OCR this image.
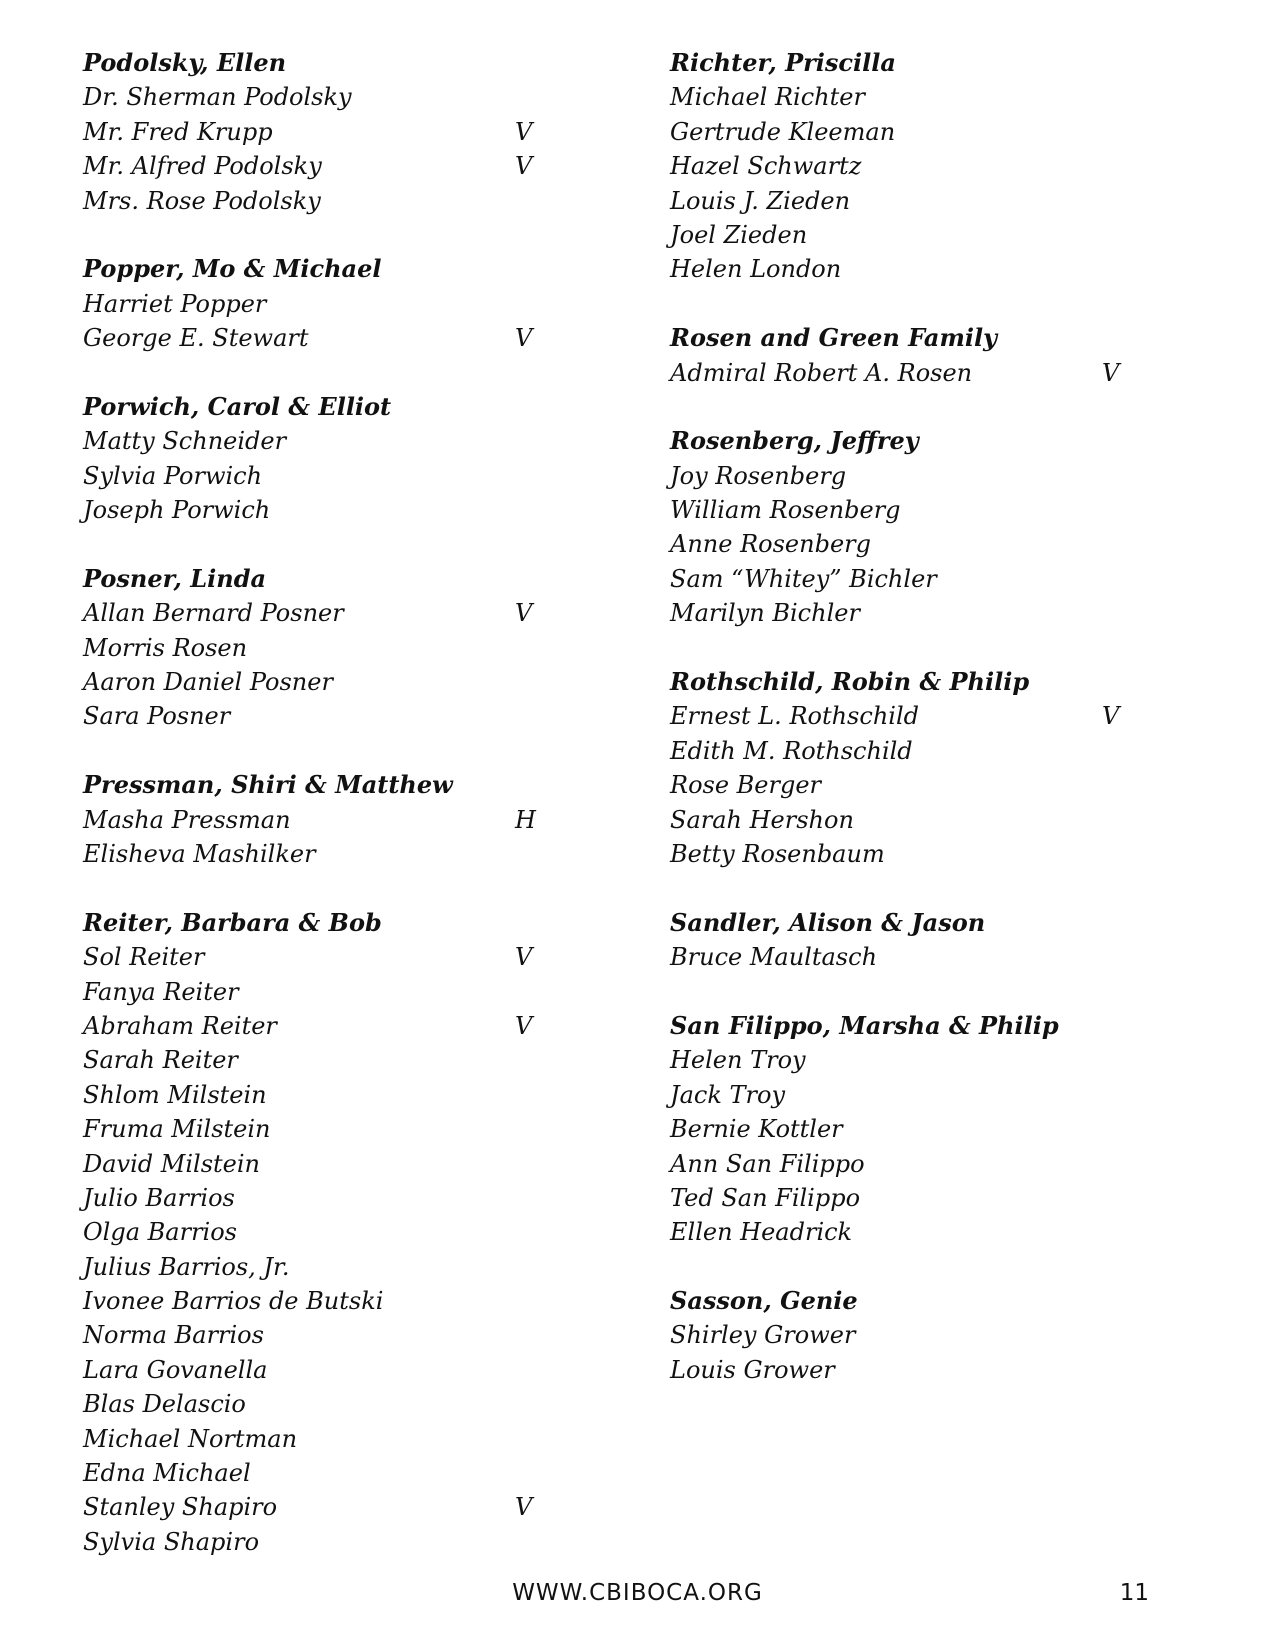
Podolsky, Ellen
Dr. Sherman Podolsky
Mr. Fred Krupp	V
Mr. Alfred Podolsky	V
Mrs. Rose Podolsky
Popper, Mo & Michael
Harriet Popper
George E. Stewart	V
Porwich, Carol & Elliot
Matty Schneider
Sylvia Porwich
Joseph Porwich
Posner, Linda
Allan Bernard Posner	V
Morris Rosen
Aaron Daniel Posner
Sara Posner
Pressman, Shiri & Matthew
Masha Pressman	H
Elisheva Mashilker
Reiter, Barbara & Bob
Sol Reiter	V
Fanya Reiter
Abraham Reiter	V
Sarah Reiter
Shlom Milstein
Fruma Milstein
David Milstein
Julio Barrios
Olga Barrios
Julius Barrios, Jr.
Ivonee Barrios de Butski
Norma Barrios
Lara Govanella
Blas Delascio
Michael Nortman
Edna Michael
Stanley Shapiro	V
Sylvia Shapiro
Richter, Priscilla
Michael Richter
Gertrude Kleeman
Hazel Schwartz
Louis J. Zieden
Joel Zieden
Helen London
Rosen and Green Family
Admiral Robert A. Rosen	V
Rosenberg, Jeffrey
Joy Rosenberg
William Rosenberg
Anne Rosenberg
Sam “Whitey” Bichler
Marilyn Bichler
Rothschild, Robin & Philip
Ernest L. Rothschild	V
Edith M. Rothschild
Rose Berger
Sarah Hershon
Betty Rosenbaum
Sandler, Alison & Jason
Bruce Maultasch
San Filippo, Marsha & Philip
Helen Troy
Jack Troy
Bernie Kottler
Ann San Filippo
Ted San Filippo
Ellen Headrick
Sasson, Genie
Shirley Grower
Louis Grower
WWW.CBIBOCA.ORG	11
